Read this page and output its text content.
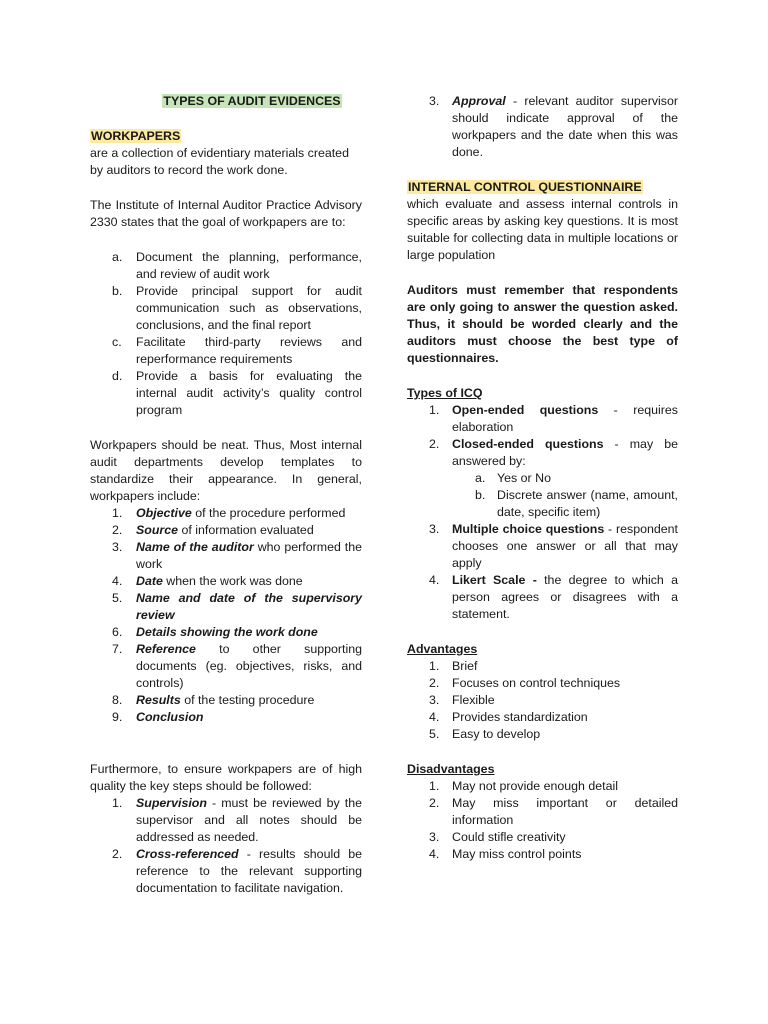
TYPES OF AUDIT EVIDENCES

WORKPAPERS

are a collection of evidentiary materials created by auditors to record the work done.

The Institute of Internal Auditor Practice Advisory 2330 states that the goal of workpapers are to:

a. Document the planning, performance, and review of audit work
b. Provide principal support for audit communication such as observations, conclusions, and the final report
c. Facilitate third-party reviews and reperformance requirements
d. Provide a basis for evaluating the internal audit activity’s quality control program

Workpapers should be neat. Thus, Most internal audit departments develop templates to standardize their appearance. In general, workpapers include:

1. Objective of the procedure performed
2. Source of information evaluated
3. Name of the auditor who performed the work
4. Date when the work was done
5. Name and date of the supervisory review
6. Details showing the work done
7. Reference to other supporting documents (eg. objectives, risks, and controls)
8. Results of the testing procedure
9. Conclusion

Furthermore, to ensure workpapers are of high quality the key steps should be followed:

1. Supervision - must be reviewed by the supervisor and all notes should be addressed as needed.
2. Cross-referenced - results should be reference to the relevant supporting documentation to facilitate navigation.
3. Approval - relevant auditor supervisor should indicate approval of the workpapers and the date when this was done.

INTERNAL CONTROL QUESTIONNAIRE

which evaluate and assess internal controls in specific areas by asking key questions. It is most suitable for collecting data in multiple locations or large population

Auditors must remember that respondents are only going to answer the question asked. Thus, it should be worded clearly and the auditors must choose the best type of questionnaires.

Types of ICQ

1. Open-ended questions - requires elaboration
2. Closed-ended questions - may be answered by:
a. Yes or No
b. Discrete answer (name, amount, date, specific item)
3. Multiple choice questions - respondent chooses one answer or all that may apply
4. Likert Scale - the degree to which a person agrees or disagrees with a statement.

Advantages

1. Brief
2. Focuses on control techniques
3. Flexible
4. Provides standardization
5. Easy to develop

Disadvantages

1. May not provide enough detail
2. May miss important or detailed information
3. Could stifle creativity
4. May miss control points
